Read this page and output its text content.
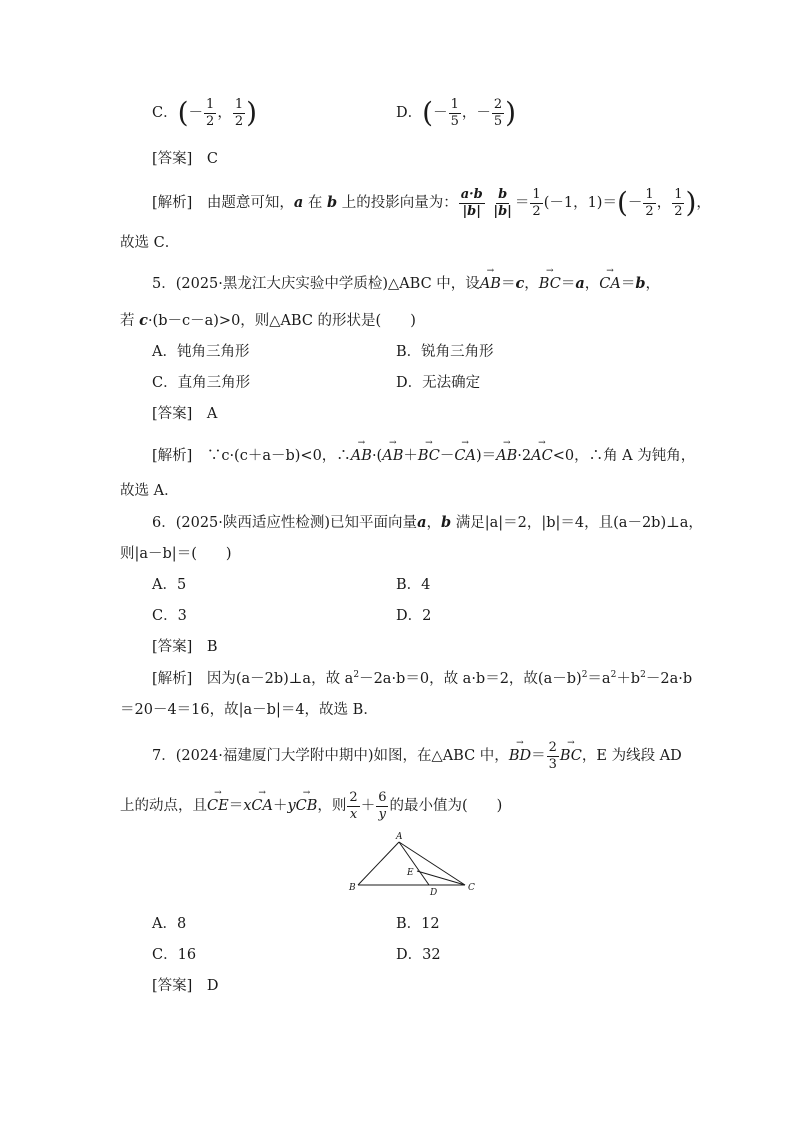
C．(－ $\frac{1}{2}$ ， $\frac{1}{2}$ )	D．(－ $\frac{1}{5}$ ，－ $\frac{2}{5}$ )
[答案]　 C
[解析]　 由题意可知，a 在 b 上的投影向量为： $\frac{a\cdot b}{|b|}$
$\frac{b}{|b|} = \frac{1}{2} (-1$，$1)=(- \frac{1}{2}$ ， $\frac{1}{2}$ )，
故选 C．
5．(2025·黑龙江大庆实验中学质检)△ABC 中，设→ AB＝c，→ BC＝a，→ CA＝b，
若 c·(b－c－a)>0，则△ABC 的形状是(　　)
A．钝角三角形	B．锐角三角形
C．直角三角形	D．无法确定
[答案]　 A
[解析]　 ∵c·(c＋a－b)<0，∴→ AB·(→ AB＋→ BC－→ CA)＝→ AB·2→ AC<0，∴角 A 为钝角，
故选 A．
6．(2025·陕西适应性检测)已知平面向量a，b 满足|a|＝2，|b|＝4，且(a－2b)⊥a，
则|a－b|＝(　　)
A．5	B．4
C．3	D．2
[答案]　 B
[解析]　 因为(a－2b)⊥a，故 $a^2-2a\cdot b=0$，故 a·b＝2，故$(a-b)^2=a^2+b^2-2a\cdot b$
＝20－4＝16，故|a－b|＝4，故选 B．
7．(2024·福建厦门大学附中期中)如图，在△ABC 中，→ $BD= \frac{2}{3}$
→ BC，E 为线段 AD
上的动点，且→ CE＝x→ CA＋y→ CB，则 $\frac{2}{x} + \frac{6}{y}$ 的最小值为(　　)
A
B
E
D	C
A．8	B．12
C．16	D．32
[答案]　 D
